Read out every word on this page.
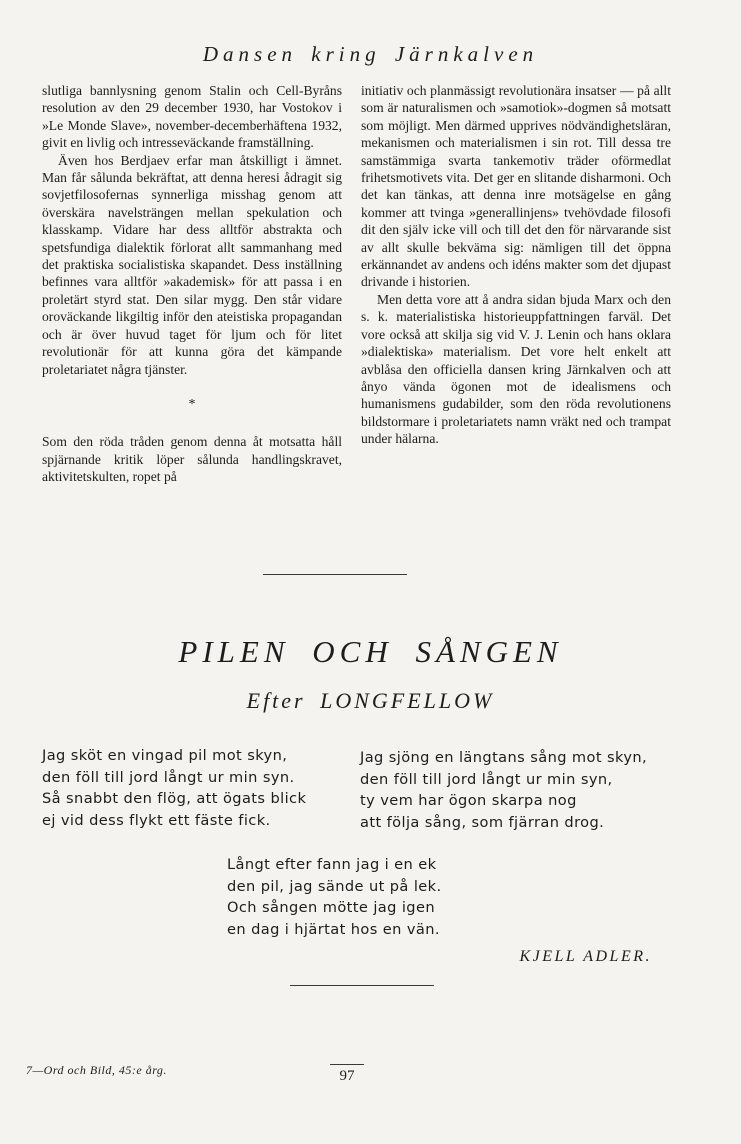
Dansen kring Järnkalven

slutliga bannlysning genom Stalin och Cell-Byråns resolution av den 29 december 1930, har Vostokov i »Le Monde Slave», november-decemberhäftena 1932, givit en livlig och intresseväckande framställning.

Även hos Berdjaev erfar man åtskilligt i ämnet. Man får sålunda bekräftat, att denna heresi ådragit sig sovjetfilosofernas synnerliga misshag genom att överskära navelsträngen mellan spekulation och klasskamp. Vidare har dess alltför abstrakta och spetsfundiga dialektik förlorat allt sammanhang med det praktiska socialistiska skapandet. Dess inställning befinnes vara alltför »akademisk» för att passa i en proletärt styrd stat. Den silar mygg. Den står vidare oroväckande likgiltig inför den ateistiska propagandan och är över huvud taget för ljum och för litet revolutionär för att kunna göra det kämpande proletariatet några tjänster.

*

Som den röda tråden genom denna åt motsatta håll spjärnande kritik löper sålunda handlingskravet, aktivitetskulten, ropet på

initiativ och planmässigt revolutionära insatser — på allt som är naturalismen och »samotiok»-dogmen så motsatt som möjligt. Men därmed upprives nödvändighetsläran, mekanismen och materialismen i sin rot. Till dessa tre samstämmiga svarta tankemotiv träder oförmedlat frihetsmotivets vita. Det ger en slitande disharmoni. Och det kan tänkas, att denna inre motsägelse en gång kommer att tvinga »generallinjens» tvehövdade filosofi dit den själv icke vill och till det den för närvarande sist av allt skulle bekväma sig: nämligen till det öppna erkännandet av andens och idéns makter som det djupast drivande i historien.

Men detta vore att å andra sidan bjuda Marx och den s. k. materialistiska historieuppfattningen farväl. Det vore också att skilja sig vid V. J. Lenin och hans oklara »dialektiska» materialism. Det vore helt enkelt att avblåsa den officiella dansen kring Järnkalven och att ånyo vända ögonen mot de idealismens och humanismens gudabilder, som den röda revolutionens bildstormare i proletariatets namn vräkt ned och trampat under hälarna.

PILEN OCH SÅNGEN
Efter LONGFELLOW
Jag sköt en vingad pil mot skyn,
den föll till jord långt ur min syn.
Så snabbt den flög, att ögats blick
ej vid dess flykt ett fäste fick.
Jag sjöng en längtans sång mot skyn,
den föll till jord långt ur min syn,
ty vem har ögon skarpa nog
att följa sång, som fjärran drog.
Långt efter fann jag i en ek
den pil, jag sände ut på lek.
Och sången mötte jag igen
en dag i hjärtat hos en vän.
KJELL ADLER.
7—Ord och Bild, 45:e årg.	97
